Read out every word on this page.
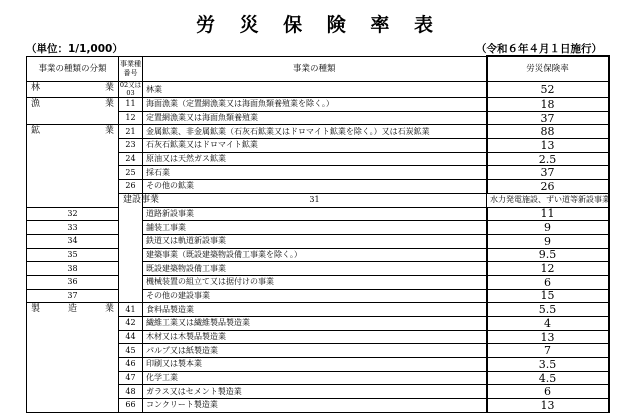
労 災 保 険 率 表
（単位：1/1,000）	（令和６年４月１日施行）
事業の種類の分類	事業種番号	事業の種類	労災保険率	

林 業	02又は03	林業	52	

漁 業	11	海面漁業（定置網漁業又は海面魚類養殖業を除く。）	18	
	12	定置網漁業又は海面魚類養殖業	37	

鉱 業	21	金属鉱業、非金属鉱業（石灰石鉱業又はドロマイト鉱業を除く。）又は石炭鉱業	88	
	23	石灰石鉱業又はドロマイト鉱業	13	
	24	原油又は天然ガス鉱業	2.5	
	25	採石業	37	
	26	その他の鉱業	26	

	建 設 事 業	31	水力発電施設、ずい道等新設事業	
32		道路新設事業	11	
33		舗装工事業	9	
34		鉄道又は軌道新設事業	9	
35		建築事業（既設建築物設備工事業を除く。）	9.5	
38		既設建築物設備工事業	12	
36		機械装置の組立て又は据付けの事業	6	
37		その他の建設事業	15	

製 造 業	41	食料品製造業	5.5	
	42	繊維工業又は繊維製品製造業	4	
	44	木材又は木製品製造業	13	
	45	パルプ又は紙製造業	7	
	46	印刷又は製本業	3.5	
	47	化学工業	4.5	
	48	ガラス又はセメント製造業	6	
	66	コンクリート製造業	13	
